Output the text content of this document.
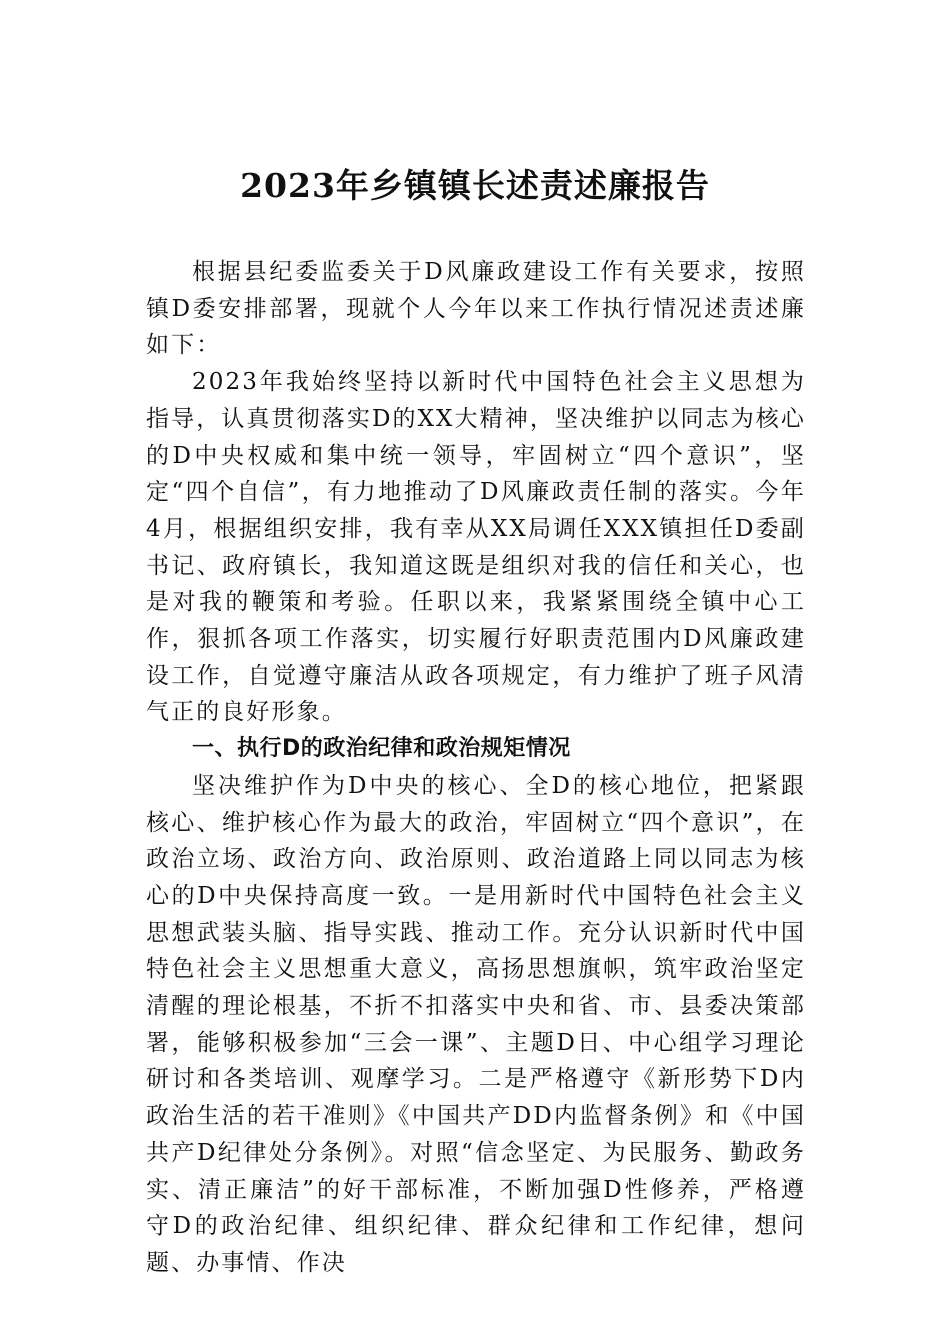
2023年乡镇镇长述责述廉报告

根据县纪委监委关于D风廉政建设工作有关要求，按照镇D委安排部署，现就个人今年以来工作执行情况述责述廉如下：

2023年我始终坚持以新时代中国特色社会主义思想为指导，认真贯彻落实D的XX大精神，坚决维护以同志为核心的D中央权威和集中统一领导，牢固树立“四个意识”，坚定“四个自信”，有力地推动了D风廉政责任制的落实。今年4月，根据组织安排，我有幸从XX局调任XXX镇担任D委副书记、政府镇长，我知道这既是组织对我的信任和关心，也是对我的鞭策和考验。任职以来，我紧紧围绕全镇中心工作，狠抓各项工作落实，切实履行好职责范围内D风廉政建设工作，自觉遵守廉洁从政各项规定，有力维护了班子风清气正的良好形象。

一、执行D的政治纪律和政治规矩情况

坚决维护作为D中央的核心、全D的核心地位，把紧跟核心、维护核心作为最大的政治，牢固树立“四个意识”，在政治立场、政治方向、政治原则、政治道路上同以同志为核心的D中央保持高度一致。一是用新时代中国特色社会主义思想武装头脑、指导实践、推动工作。充分认识新时代中国特色社会主义思想重大意义，高扬思想旗帜，筑牢政治坚定清醒的理论根基，不折不扣落实中央和省、市、县委决策部署，能够积极参加“三会一课”、主题D日、中心组学习理论研讨和各类培训、观摩学习。二是严格遵守《新形势下D内政治生活的若干准则》《中国共产DD内监督条例》和《中国共产D纪律处分条例》。对照“信念坚定、为民服务、勤政务实、清正廉洁”的好干部标准，不断加强D性修养，严格遵守D的政治纪律、组织纪律、群众纪律和工作纪律，想问题、办事情、作决
